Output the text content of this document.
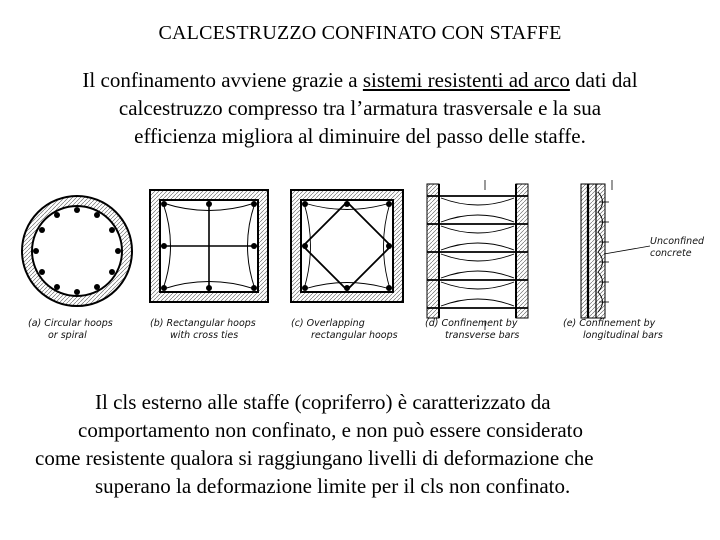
CALCESTRUZZO CONFINATO CON STAFFE
Il confinamento avviene grazie a sistemi resistenti ad arco dati dal
calcestruzzo compresso tra l’armatura trasversale e la sua
efficienza migliora al diminuire del passo delle staffe.
(a) Circular hoops
or spiral
(b) Rectangular hoops
with cross ties
(c) Overlapping
rectangular hoops
(d) Confinement by
transverse bars
(e) Confinement by
longitudinal bars
Unconfined
concrete
Il cls esterno alle staffe (copriferro) è caratterizzato da
comportamento non confinato, e non può essere considerato
come resistente qualora si raggiungano livelli di deformazione che
superano la deformazione limite per il cls non confinato.
